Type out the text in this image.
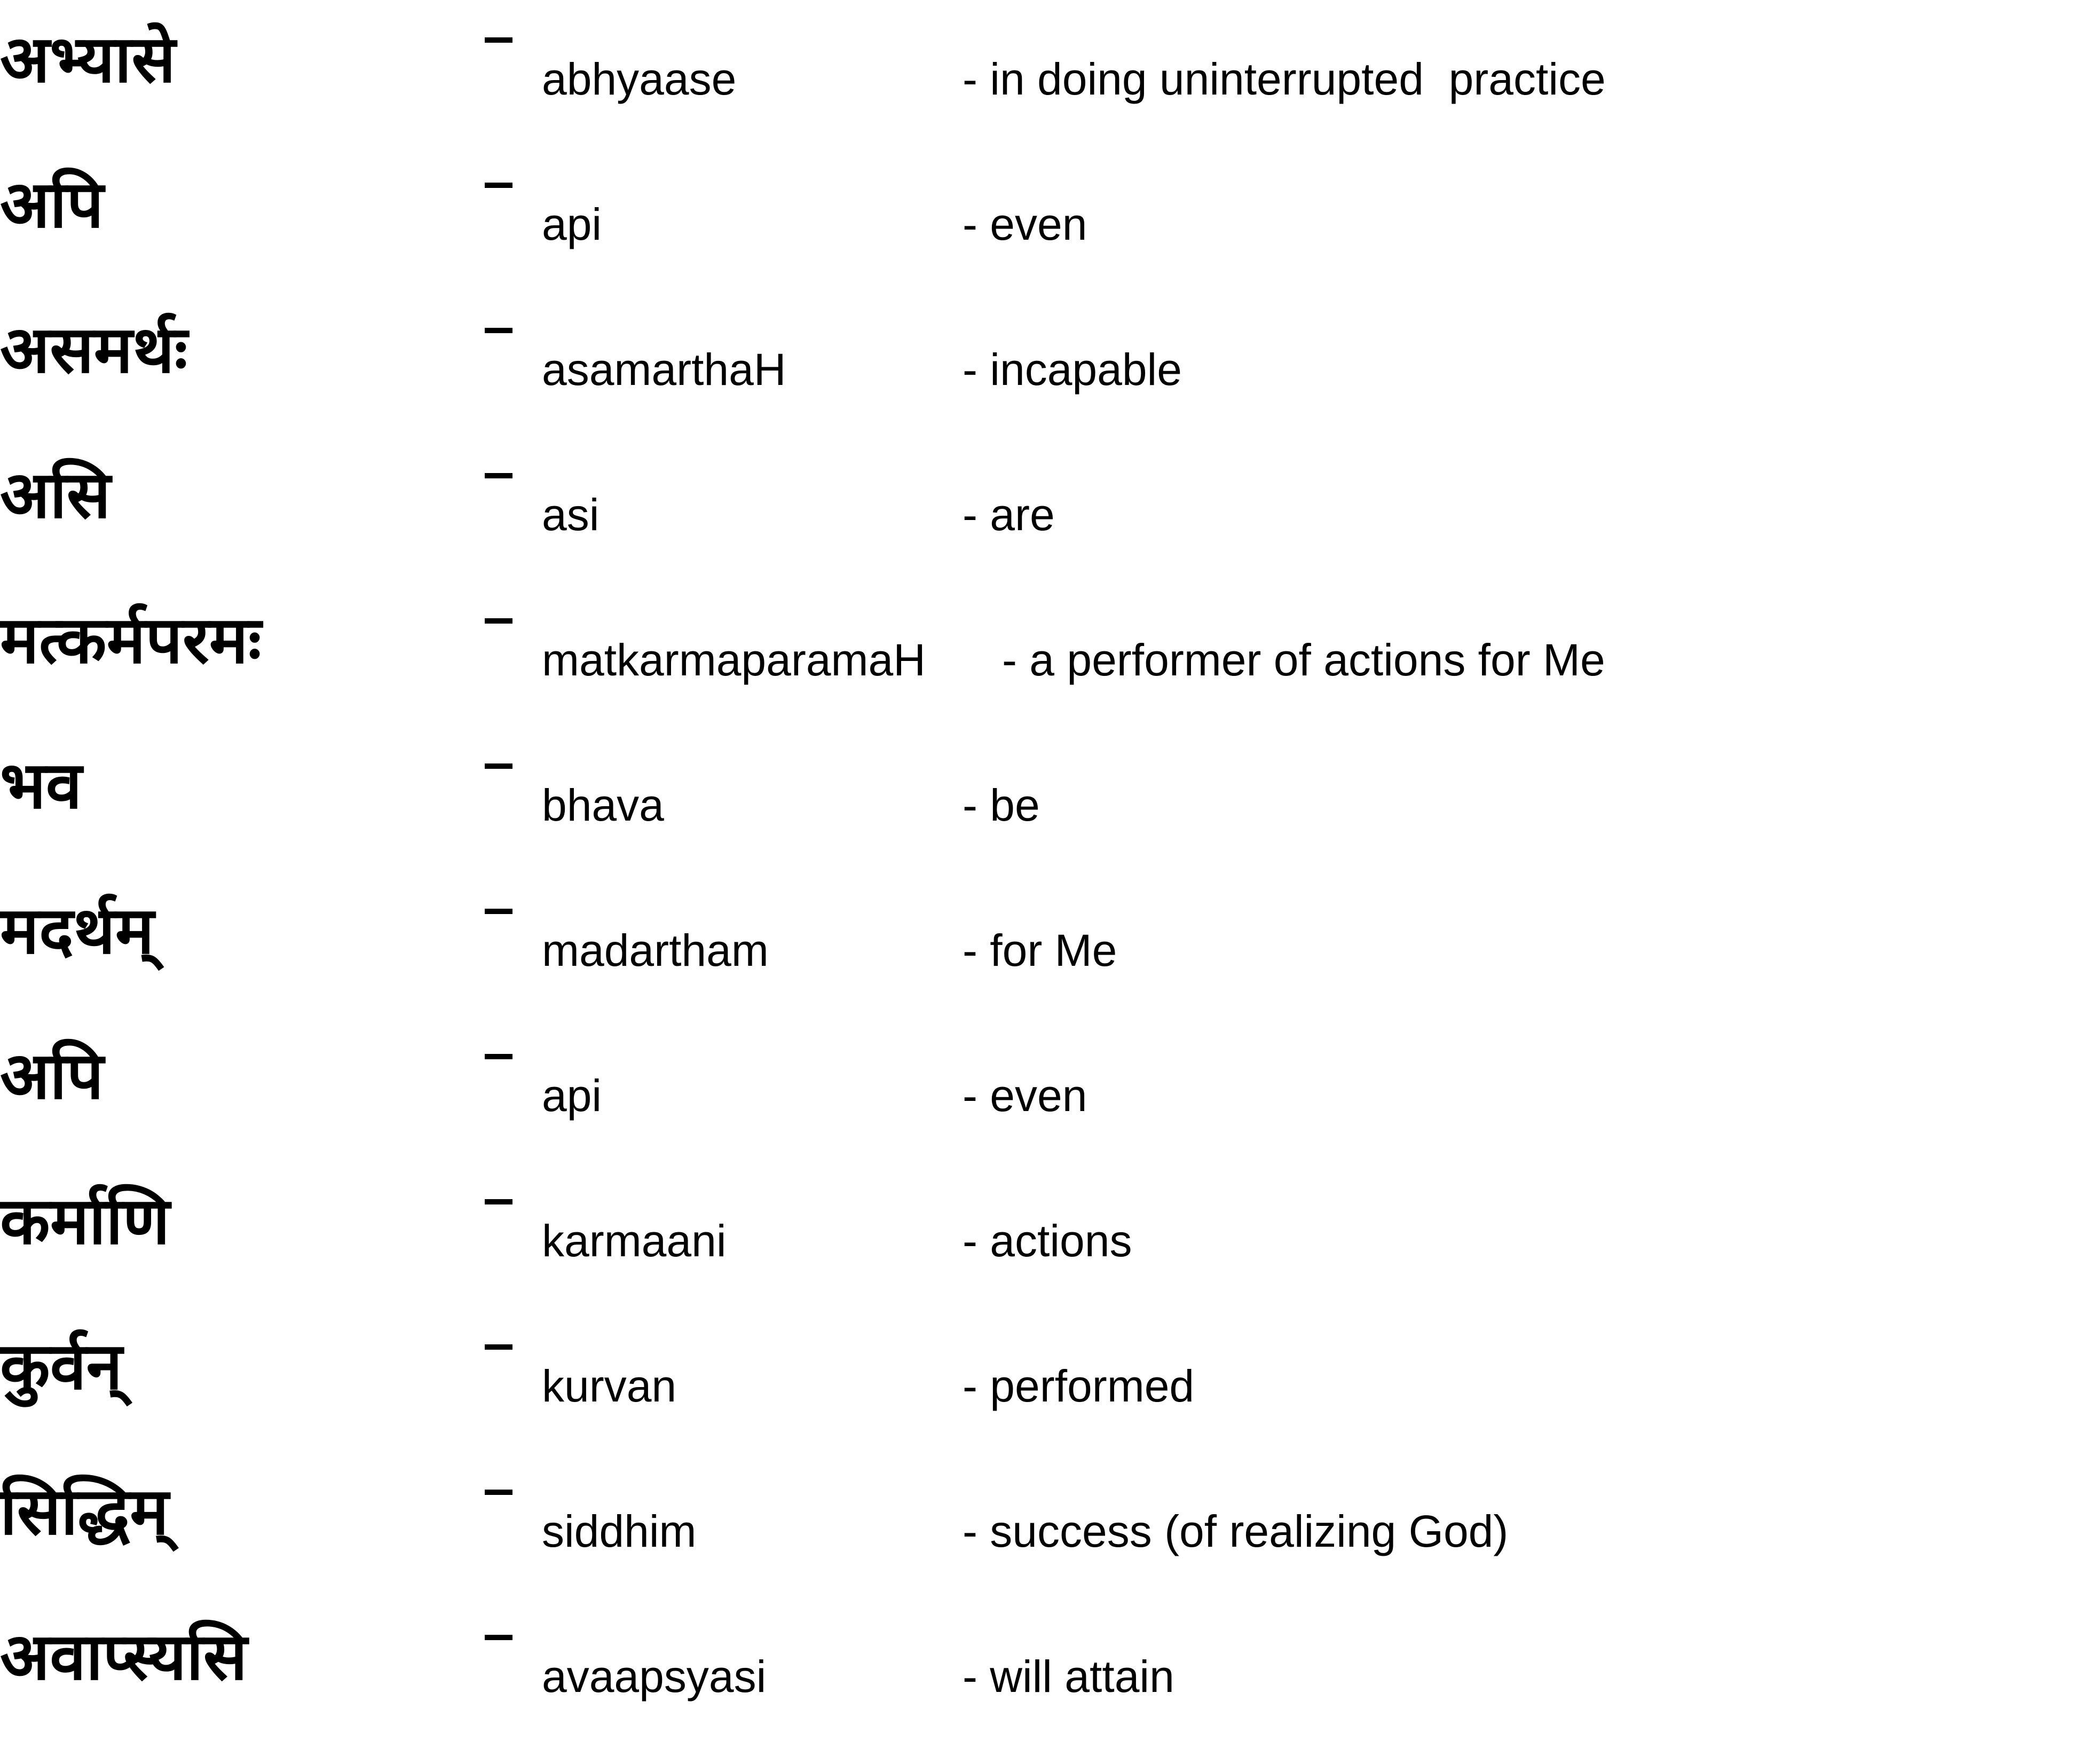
अभ्यासे	abhyaase	- in doing uninterrupted  practice
अपि	api	- even
असमर्थः	asamarthaH	- incapable
असि	asi	- are
मत्कर्मपरमः	matkarmaparamaH - a performer of actions for Me
भव	bhava	- be
मदर्थम्	madartham	- for Me
अपि	api	- even
कर्माणि	karmaani	- actions
कुर्वन्	kurvan	- performed
सिद्धिम्	siddhim	- success (of realizing God)
अवाप्स्यसि	avaapsyasi	- will attain
